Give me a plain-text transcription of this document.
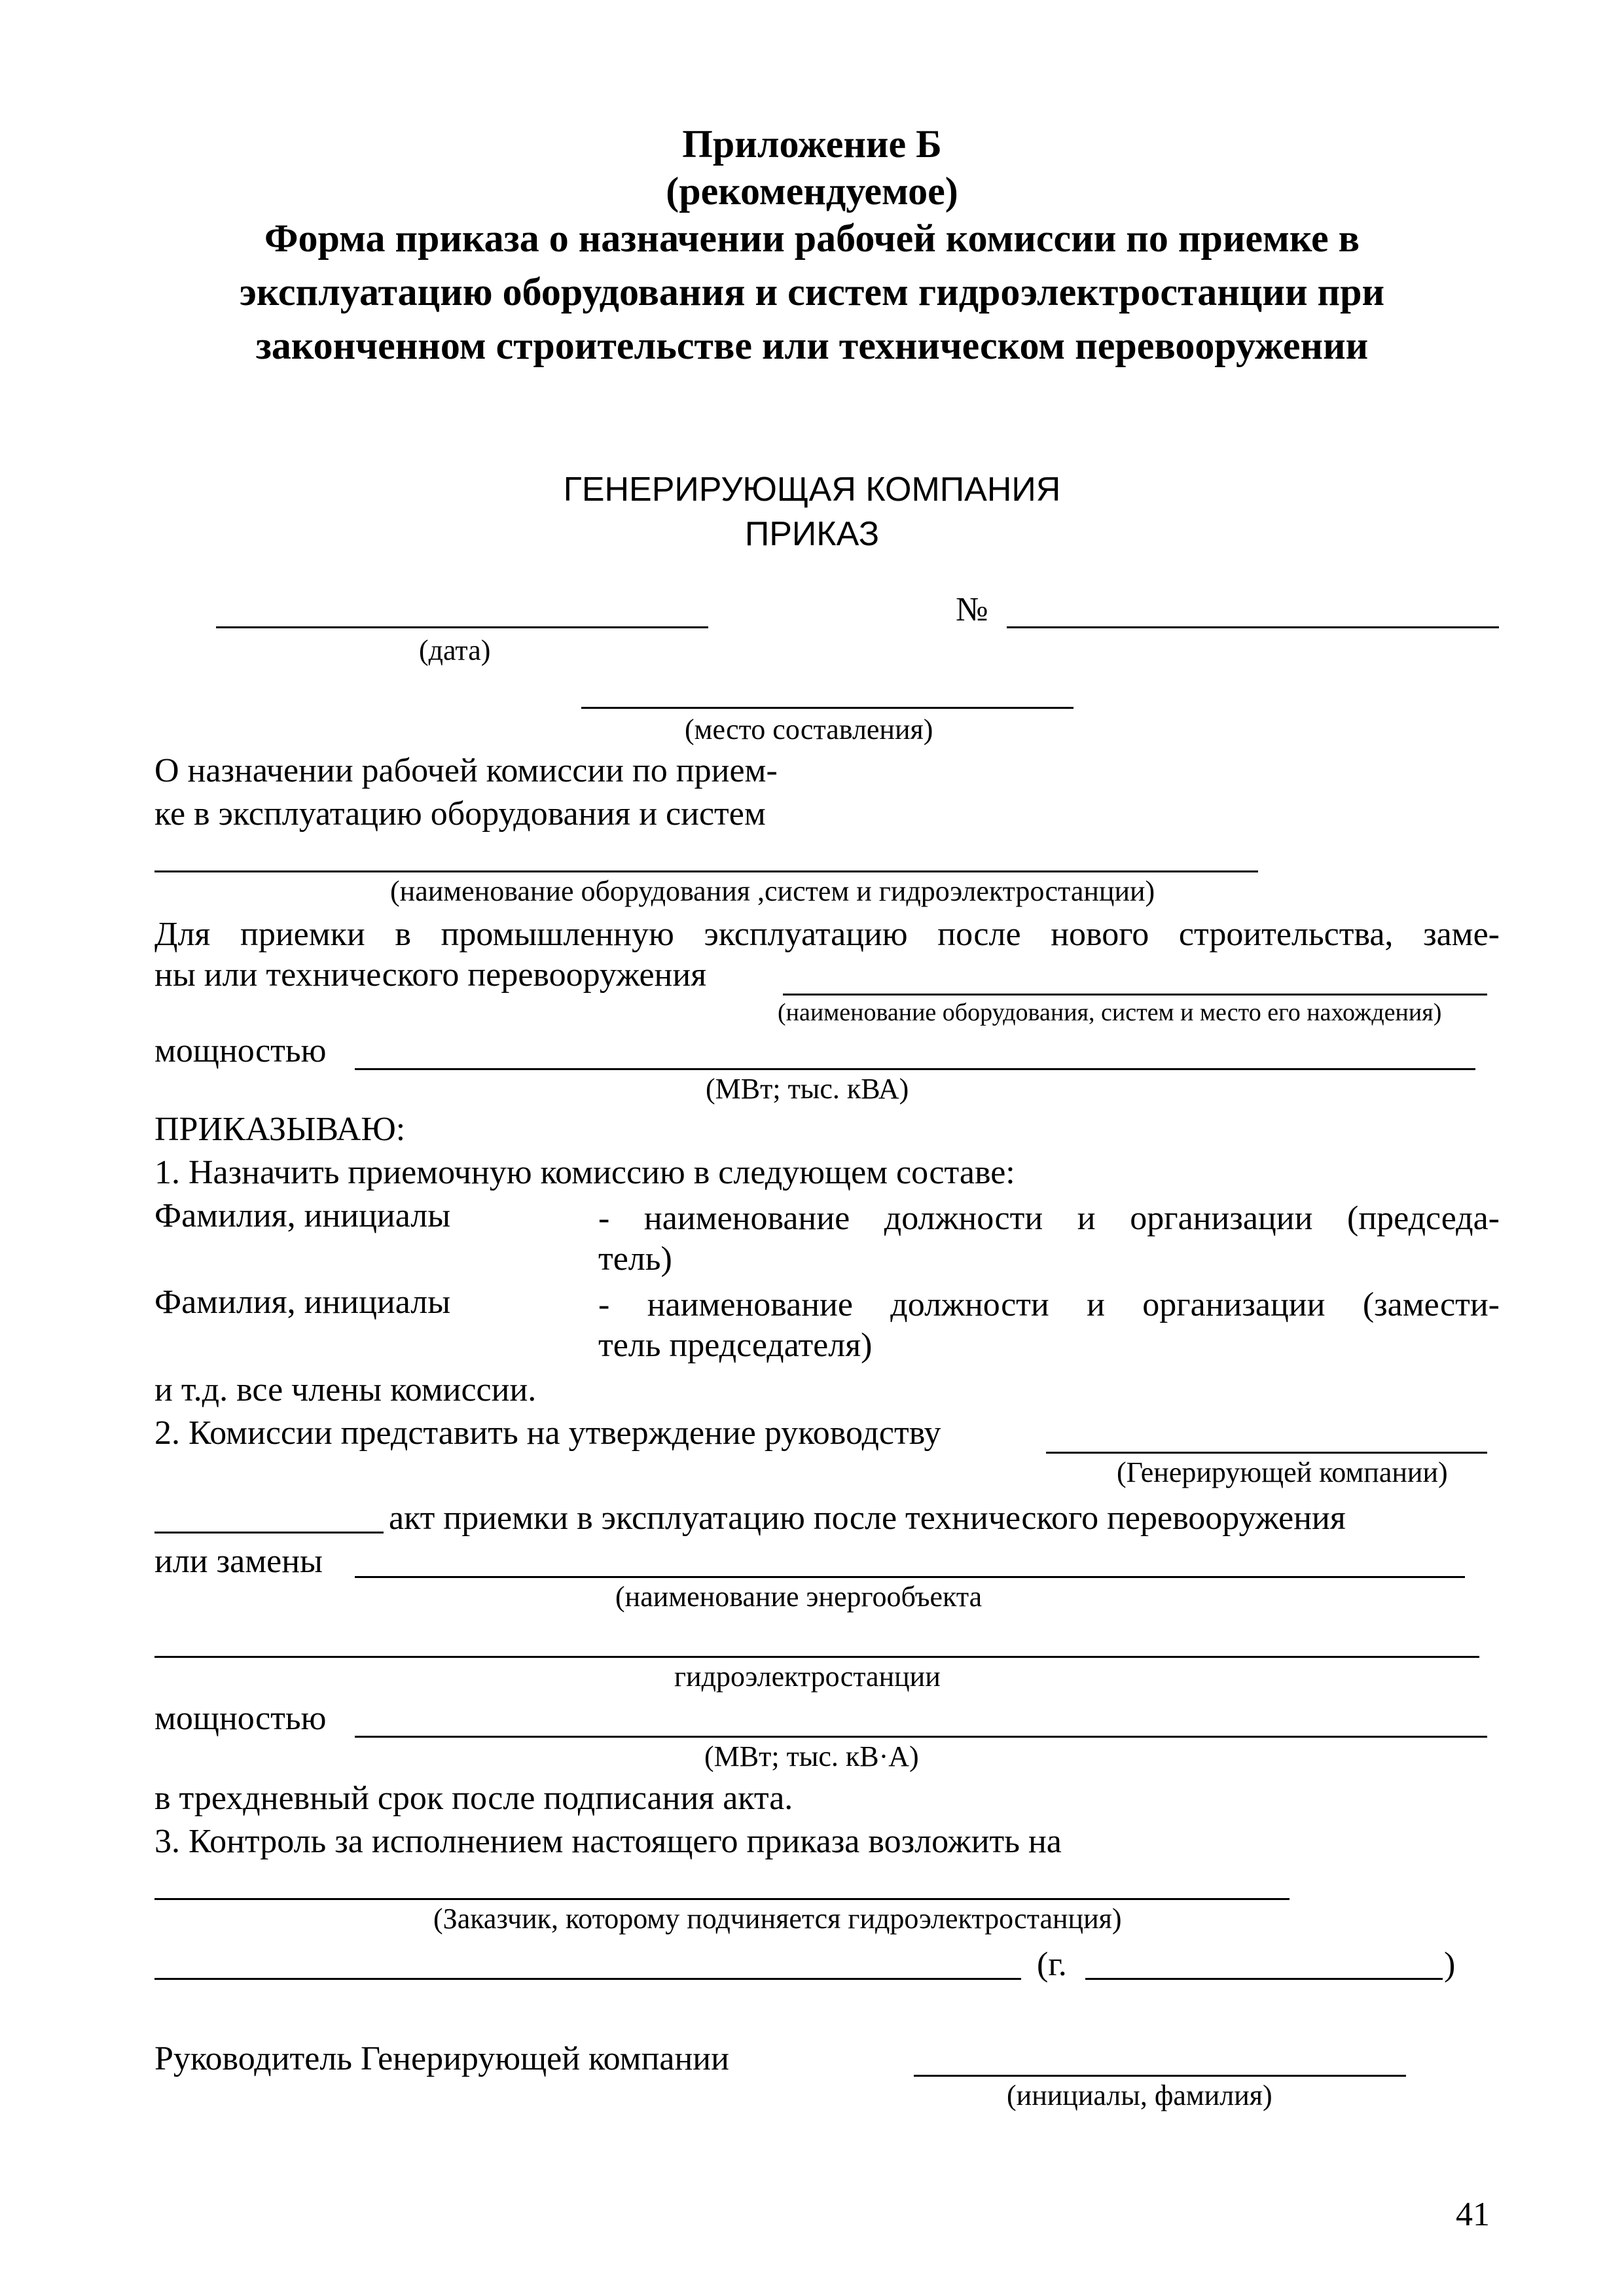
Приложение Б
(рекомендуемое)
Форма приказа о назначении рабочей комиссии по приемке в
эксплуатацию оборудования и систем гидроэлектростанции при
законченном строительстве или техническом перевооружении
ГЕНЕРИРУЮЩАЯ КОМПАНИЯ
ПРИКАЗ
№
(дата)
(место составления)
О назначении рабочей комиссии по прием-
ке в эксплуатацию оборудования и систем
(наименование оборудования ,систем и гидроэлектростанции)
Для приемки в промышленную эксплуатацию после нового строительства, заме-
ны или технического перевооружения
(наименование оборудования, систем и место его нахождения)
мощностью
(МВт; тыс. кВА)
ПРИКАЗЫВАЮ:
1. Назначить приемочную комиссию в следующем составе:
Фамилия, инициалы	- наименование должности и организации (председа-
тель)
Фамилия, инициалы	- наименование должности и организации (замести-
тель председателя)
и т.д. все члены комиссии.
2. Комиссии представить на утверждение руководству
(Генерирующей компании)
акт приемки в эксплуатацию после технического перевооружения
или замены
(наименование энергообъекта
гидроэлектростанции
мощностью
(МВт; тыс. кВ·А)
в трехдневный срок после подписания акта.
3. Контроль за исполнением настоящего приказа возложить на
(Заказчик, которому подчиняется гидроэлектростанция)
(г.	)
Руководитель Генерирующей компании
(инициалы, фамилия)
41
